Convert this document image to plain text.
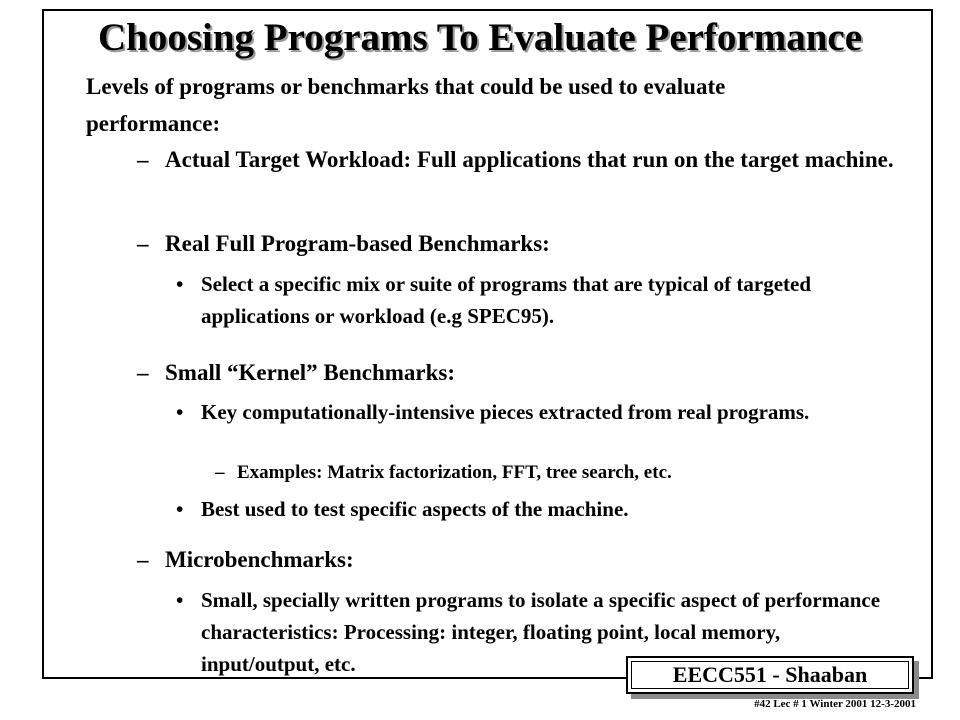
Choosing Programs To Evaluate Performance
Levels of programs or benchmarks that could be used to evaluate
performance:
– Actual Target Workload: Full applications that run on the target machine.
– Real Full Program-based Benchmarks:
• Select a specific mix or suite of programs that are typical of targeted applications or workload (e.g SPEC95).
– Small “Kernel” Benchmarks:
• Key computationally-intensive pieces extracted from real programs.
– Examples: Matrix factorization, FFT, tree search, etc.
• Best used to test specific aspects of the machine.
– Microbenchmarks:
• Small, specially written programs to isolate a specific aspect of performance characteristics: Processing: integer, floating point, local memory, input/output, etc.	EECC551 - Shaaban
#42 Lec # 1 Winter 2001 12-3-2001
